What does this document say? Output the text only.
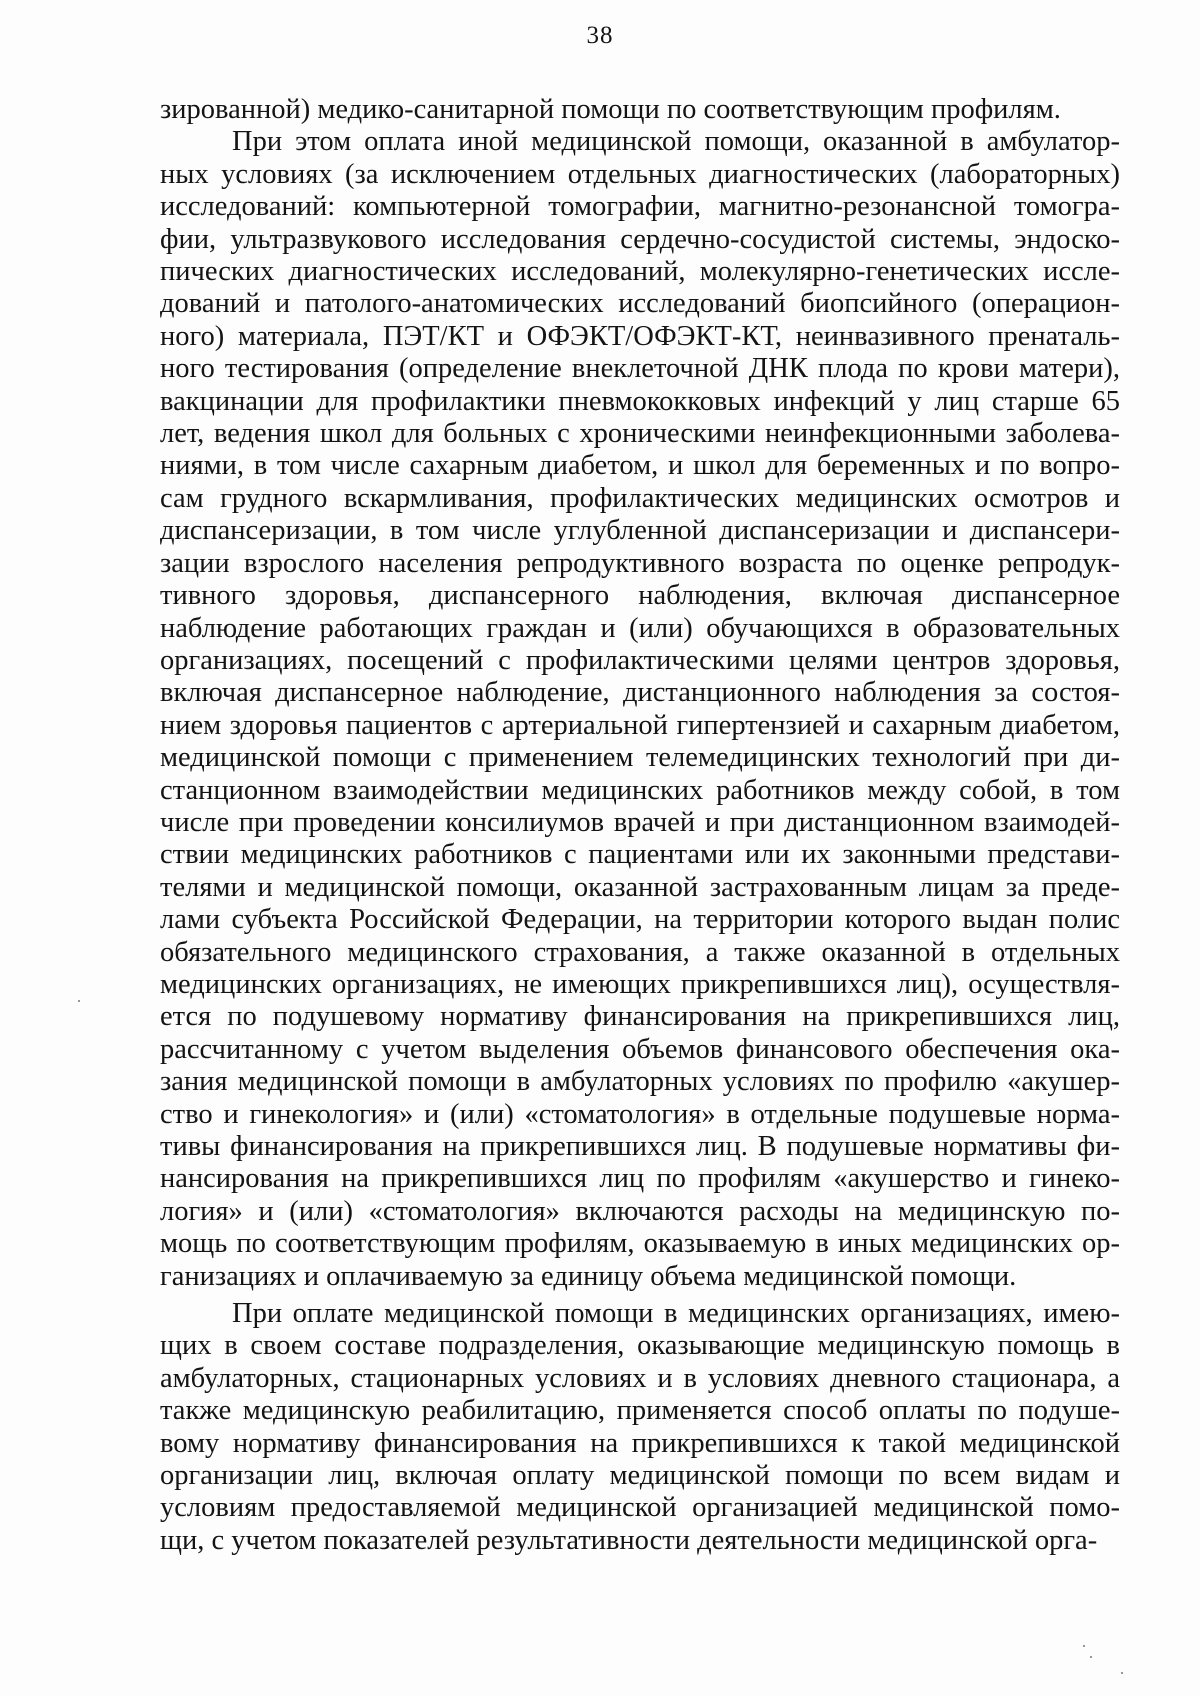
38
зированной) медико-санитарной помощи по соответствующим профилям.
При этом оплата иной медицинской помощи, оказанной в амбулатор-
ных условиях (за исключением отдельных диагностических (лабораторных)
исследований: компьютерной томографии, магнитно-резонансной томогра-
фии, ультразвукового исследования сердечно-сосудистой системы, эндоско-
пических диагностических исследований, молекулярно-генетических иссле-
дований и патолого-анатомических исследований биопсийного (операцион-
ного) материала, ПЭТ/КТ и ОФЭКТ/ОФЭКТ-КТ, неинвазивного пренаталь-
ного тестирования (определение внеклеточной ДНК плода по крови матери),
вакцинации для профилактики пневмококковых инфекций у лиц старше 65
лет, ведения школ для больных с хроническими неинфекционными заболева-
ниями, в том числе сахарным диабетом, и школ для беременных и по вопро-
сам грудного вскармливания, профилактических медицинских осмотров и
диспансеризации, в том числе углубленной диспансеризации и диспансери-
зации взрослого населения репродуктивного возраста по оценке репродук-
тивного здоровья, диспансерного наблюдения, включая диспансерное
наблюдение работающих граждан и (или) обучающихся в образовательных
организациях, посещений с профилактическими целями центров здоровья,
включая диспансерное наблюдение, дистанционного наблюдения за состоя-
нием здоровья пациентов с артериальной гипертензией и сахарным диабетом,
медицинской помощи с применением телемедицинских технологий при ди-
станционном взаимодействии медицинских работников между собой, в том
числе при проведении консилиумов врачей и при дистанционном взаимодей-
ствии медицинских работников с пациентами или их законными представи-
телями и медицинской помощи, оказанной застрахованным лицам за преде-
лами субъекта Российской Федерации, на территории которого выдан полис
обязательного медицинского страхования, а также оказанной в отдельных
медицинских организациях, не имеющих прикрепившихся лиц), осуществля-
ется по подушевому нормативу финансирования на прикрепившихся лиц,
рассчитанному с учетом выделения объемов финансового обеспечения ока-
зания медицинской помощи в амбулаторных условиях по профилю «акушер-
ство и гинекология» и (или) «стоматология» в отдельные подушевые норма-
тивы финансирования на прикрепившихся лиц. В подушевые нормативы фи-
нансирования на прикрепившихся лиц по профилям «акушерство и гинеко-
логия» и (или) «стоматология» включаются расходы на медицинскую по-
мощь по соответствующим профилям, оказываемую в иных медицинских ор-
ганизациях и оплачиваемую за единицу объема медицинской помощи.
При оплате медицинской помощи в медицинских организациях, имею-
щих в своем составе подразделения, оказывающие медицинскую помощь в
амбулаторных, стационарных условиях и в условиях дневного стационара, а
также медицинскую реабилитацию, применяется способ оплаты по подуше-
вому нормативу финансирования на прикрепившихся к такой медицинской
организации лиц, включая оплату медицинской помощи по всем видам и
условиям предоставляемой медицинской организацией медицинской помо-
щи, с учетом показателей результативности деятельности медицинской орга-
